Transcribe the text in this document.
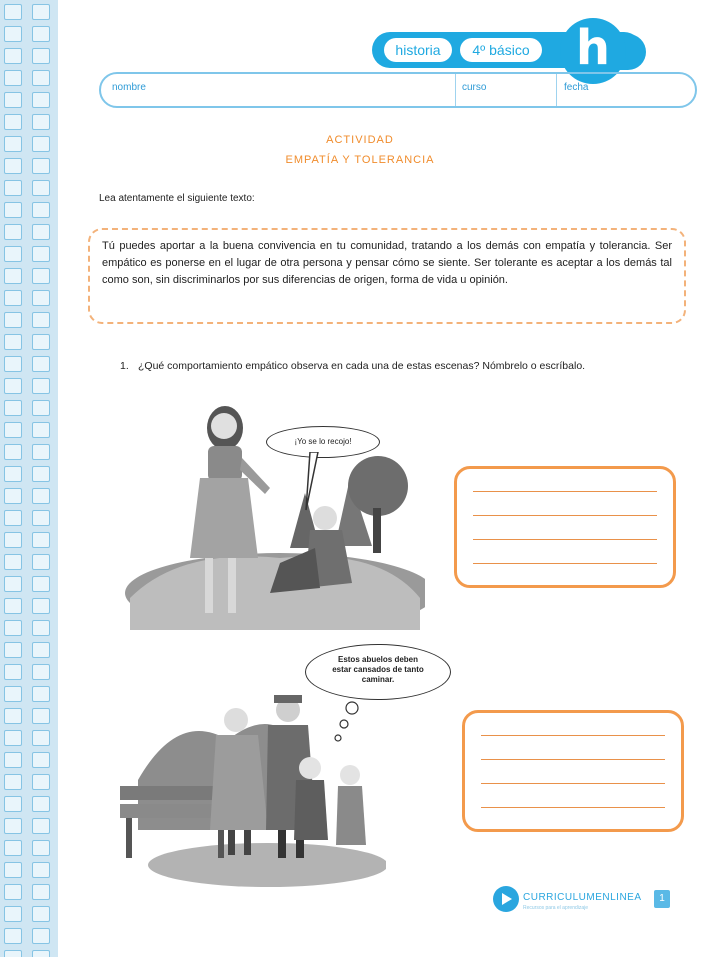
historia	4º básico h
nombre	curso	fecha
ACTIVIDAD
EMPATÍA Y TOLERANCIA
Lea atentamente el siguiente texto:
Tú puedes aportar a la buena convivencia en tu comunidad, tratando a los demás con empatía y tolerancia. Ser empático es ponerse en el lugar de otra persona y pensar cómo se siente. Ser tolerante es aceptar a los demás tal como son, sin discriminarlos por sus diferencias de origen, forma de vida u opinión.
1. ¿Qué comportamiento empático observa en cada una de estas escenas? Nómbrelo o escríbalo.
¡Yo se lo recojo!
Estos abuelos deben estar cansados de tanto caminar.
CURRICULUMENLINEA
Recursos para el aprendizaje
1
